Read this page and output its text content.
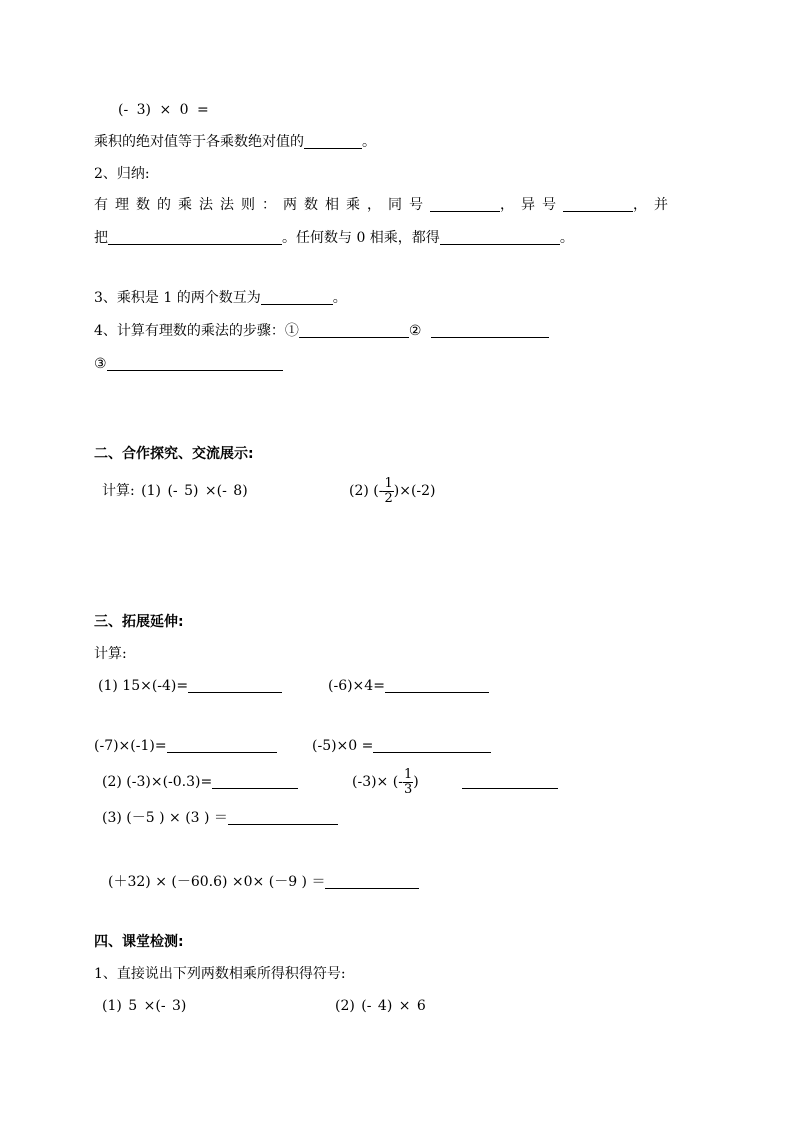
(- 3) × 0 =
乘积的绝对值等于各乘数绝对值的	。
2、归纳:
有理数的乘法法则：两数相乘，同号	，异号	，并
把	。任何数与 0 相乘，都得	。
3、乘积是 1 的两个数互为	。
4、计算有理数的乘法的步骤：①	②
③
二、合作探究、交流展示:
计算: (1) (- 5) ×(- 8)	(2) (- $\frac{1}{2} )\times(-2)$
三、拓展延伸:
计算:
(1) 15×(-4)=	(-6)×4=
(-7)×(-1)=	(-5)×0 =
(2) (-3)×(-0.3)=	(-3)× (- $\frac{1}{3}$ )
(3) (－5 ) × (3 ) ＝
(＋32) × (－60.6) ×0× (－9 ) ＝
四、课堂检测:
1、直接说出下列两数相乘所得积得符号:
(1) 5 ×(- 3)	(2) (- 4) × 6
